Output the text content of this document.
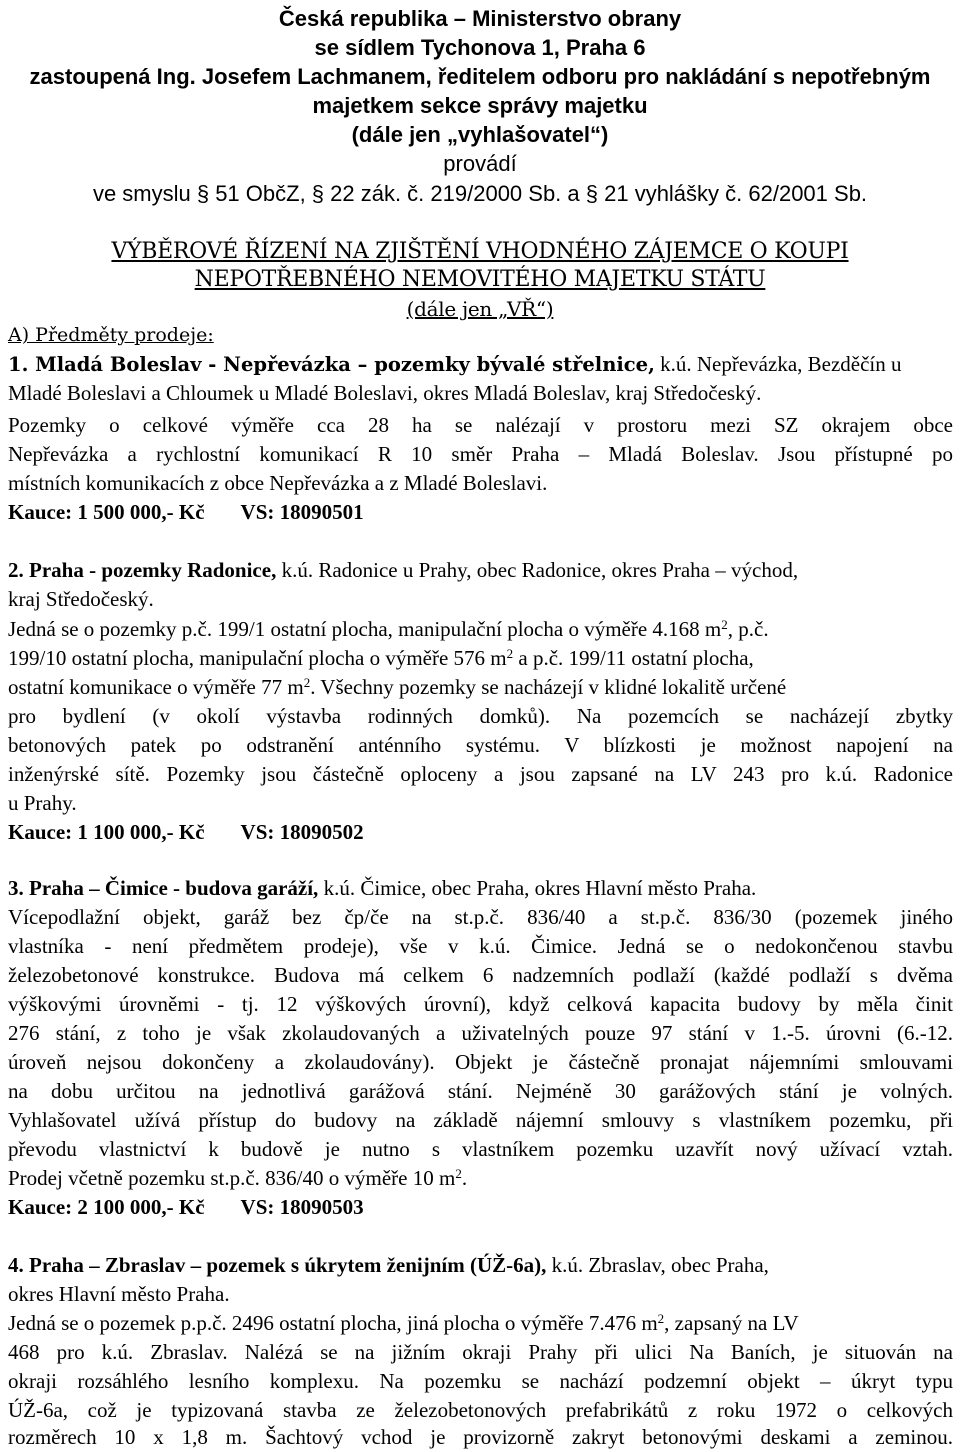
Česká republika – Ministerstvo obrany
se sídlem Tychonova 1, Praha 6
zastoupená Ing. Josefem Lachmanem, ředitelem odboru pro nakládání s nepotřebným
majetkem sekce správy majetku
(dále jen „vyhlašovatel“)
provádí
ve smyslu § 51 ObčZ, § 22 zák. č. 219/2000 Sb. a § 21 vyhlášky č. 62/2001 Sb.
VÝBĚROVÉ ŘÍZENÍ NA ZJIŠTĚNÍ VHODNÉHO ZÁJEMCE O KOUPI
NEPOTŘEBNÉHO NEMOVITÉHO MAJETKU STÁTU
(dále jen „VŘ“)
A) Předměty prodeje:
1. Mladá Boleslav - Nepřevázka – pozemky bývalé střelnice, k.ú. Nepřevázka, Bezděčín u
Mladé Boleslavi a Chloumek u Mladé Boleslavi, okres Mladá Boleslav, kraj Středočeský.
Pozemky o celkové výměře cca 28 ha se nalézají v prostoru mezi SZ okrajem obce
Nepřevázka a rychlostní komunikací R 10 směr Praha – Mladá Boleslav. Jsou přístupné po
místních komunikacích z obce Nepřevázka a z Mladé Boleslavi.
Kauce: 1 500 000,- Kč VS: 18090501
2. Praha - pozemky Radonice, k.ú. Radonice u Prahy, obec Radonice, okres Praha – východ,
kraj Středočeský.
Jedná se o pozemky p.č. 199/1 ostatní plocha, manipulační plocha o výměře 4.168 $m^2$, p.č.
199/10 ostatní plocha, manipulační plocha o výměře 576 $m^2$ a p.č. 199/11 ostatní plocha,
ostatní komunikace o výměře 77 $m^2$. Všechny pozemky se nacházejí v klidné lokalitě určené
pro bydlení (v okolí výstavba rodinných domků). Na pozemcích se nacházejí zbytky
betonových patek po odstranění anténního systému. V blízkosti je možnost napojení na
inženýrské sítě. Pozemky jsou částečně oploceny a jsou zapsané na LV 243 pro k.ú. Radonice
u Prahy.
Kauce: 1 100 000,- Kč VS: 18090502
3. Praha – Čimice - budova garáží, k.ú. Čimice, obec Praha, okres Hlavní město Praha.
Vícepodlažní objekt, garáž bez čp/če na st.p.č. 836/40 a st.p.č. 836/30 (pozemek jiného
vlastníka - není předmětem prodeje), vše v k.ú. Čimice. Jedná se o nedokončenou stavbu
železobetonové konstrukce. Budova má celkem 6 nadzemních podlaží (každé podlaží s dvěma
výškovými úrovněmi - tj. 12 výškových úrovní), když celková kapacita budovy by měla činit
276 stání, z toho je však zkolaudovaných a uživatelných pouze 97 stání v 1.-5. úrovni (6.-12.
úroveň nejsou dokončeny a zkolaudovány). Objekt je částečně pronajat nájemními smlouvami
na dobu určitou na jednotlivá garážová stání. Nejméně 30 garážových stání je volných.
Vyhlašovatel užívá přístup do budovy na základě nájemní smlouvy s vlastníkem pozemku, při
převodu vlastnictví k budově je nutno s vlastníkem pozemku uzavřít nový užívací vztah.
Prodej včetně pozemku st.p.č. 836/40 o výměře 10 $m^2$.
Kauce: 2 100 000,- Kč VS: 18090503
4. Praha – Zbraslav – pozemek s úkrytem ženijním (ÚŽ-6a), k.ú. Zbraslav, obec Praha,
okres Hlavní město Praha.
Jedná se o pozemek p.p.č. 2496 ostatní plocha, jiná plocha o výměře 7.476 $m^2$, zapsaný na LV
468 pro k.ú. Zbraslav. Nalézá se na jižním okraji Prahy při ulici Na Baních, je situován na
okraji rozsáhlého lesního komplexu. Na pozemku se nachází podzemní objekt – úkryt typu
ÚŽ-6a, což je typizovaná stavba ze železobetonových prefabrikátů z roku 1972 o celkových
rozměrech 10 x 1,8 m. Šachtový vchod je provizorně zakryt betonovými deskami a zeminou.
